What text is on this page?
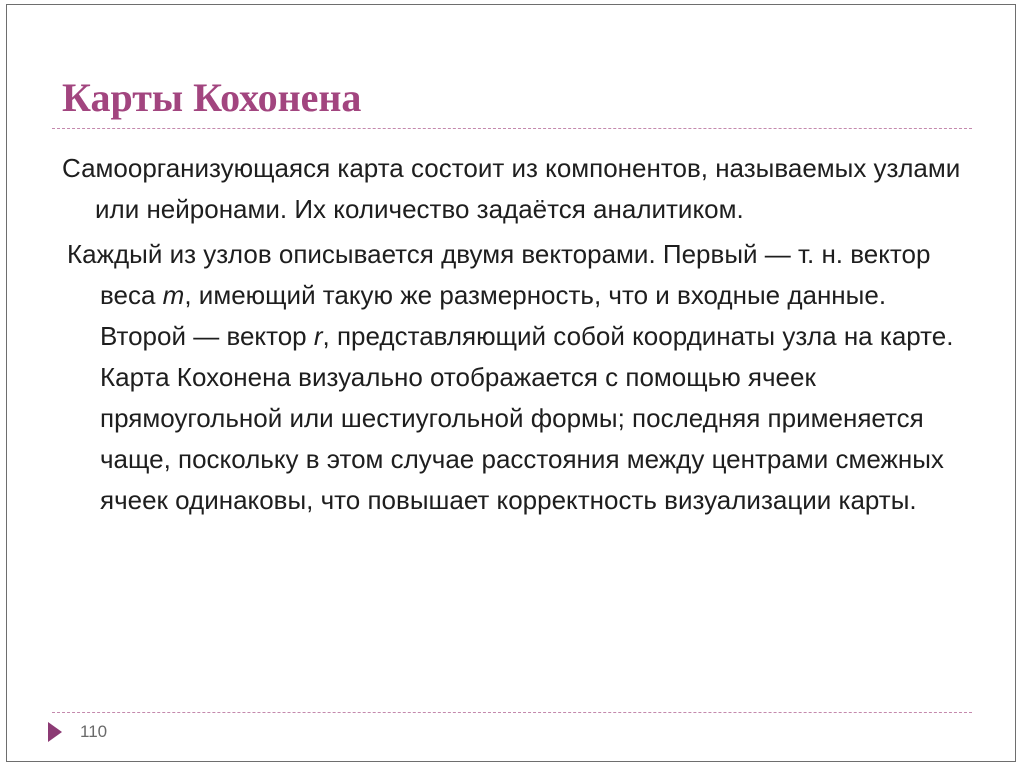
Карты Кохонена

Самоорганизующаяся карта состоит из компонентов, называемых узлами или нейронами. Их количество задаётся аналитиком.

Каждый из узлов описывается двумя векторами. Первый — т. н. вектор веса m, имеющий такую же размерность, что и входные данные. Второй — вектор r, представляющий собой координаты узла на карте. Карта Кохонена визуально отображается с помощью ячеек прямоугольной или шестиугольной формы; последняя применяется чаще, поскольку в этом случае расстояния между центрами смежных ячеек одинаковы, что повышает корректность визуализации карты.

110
